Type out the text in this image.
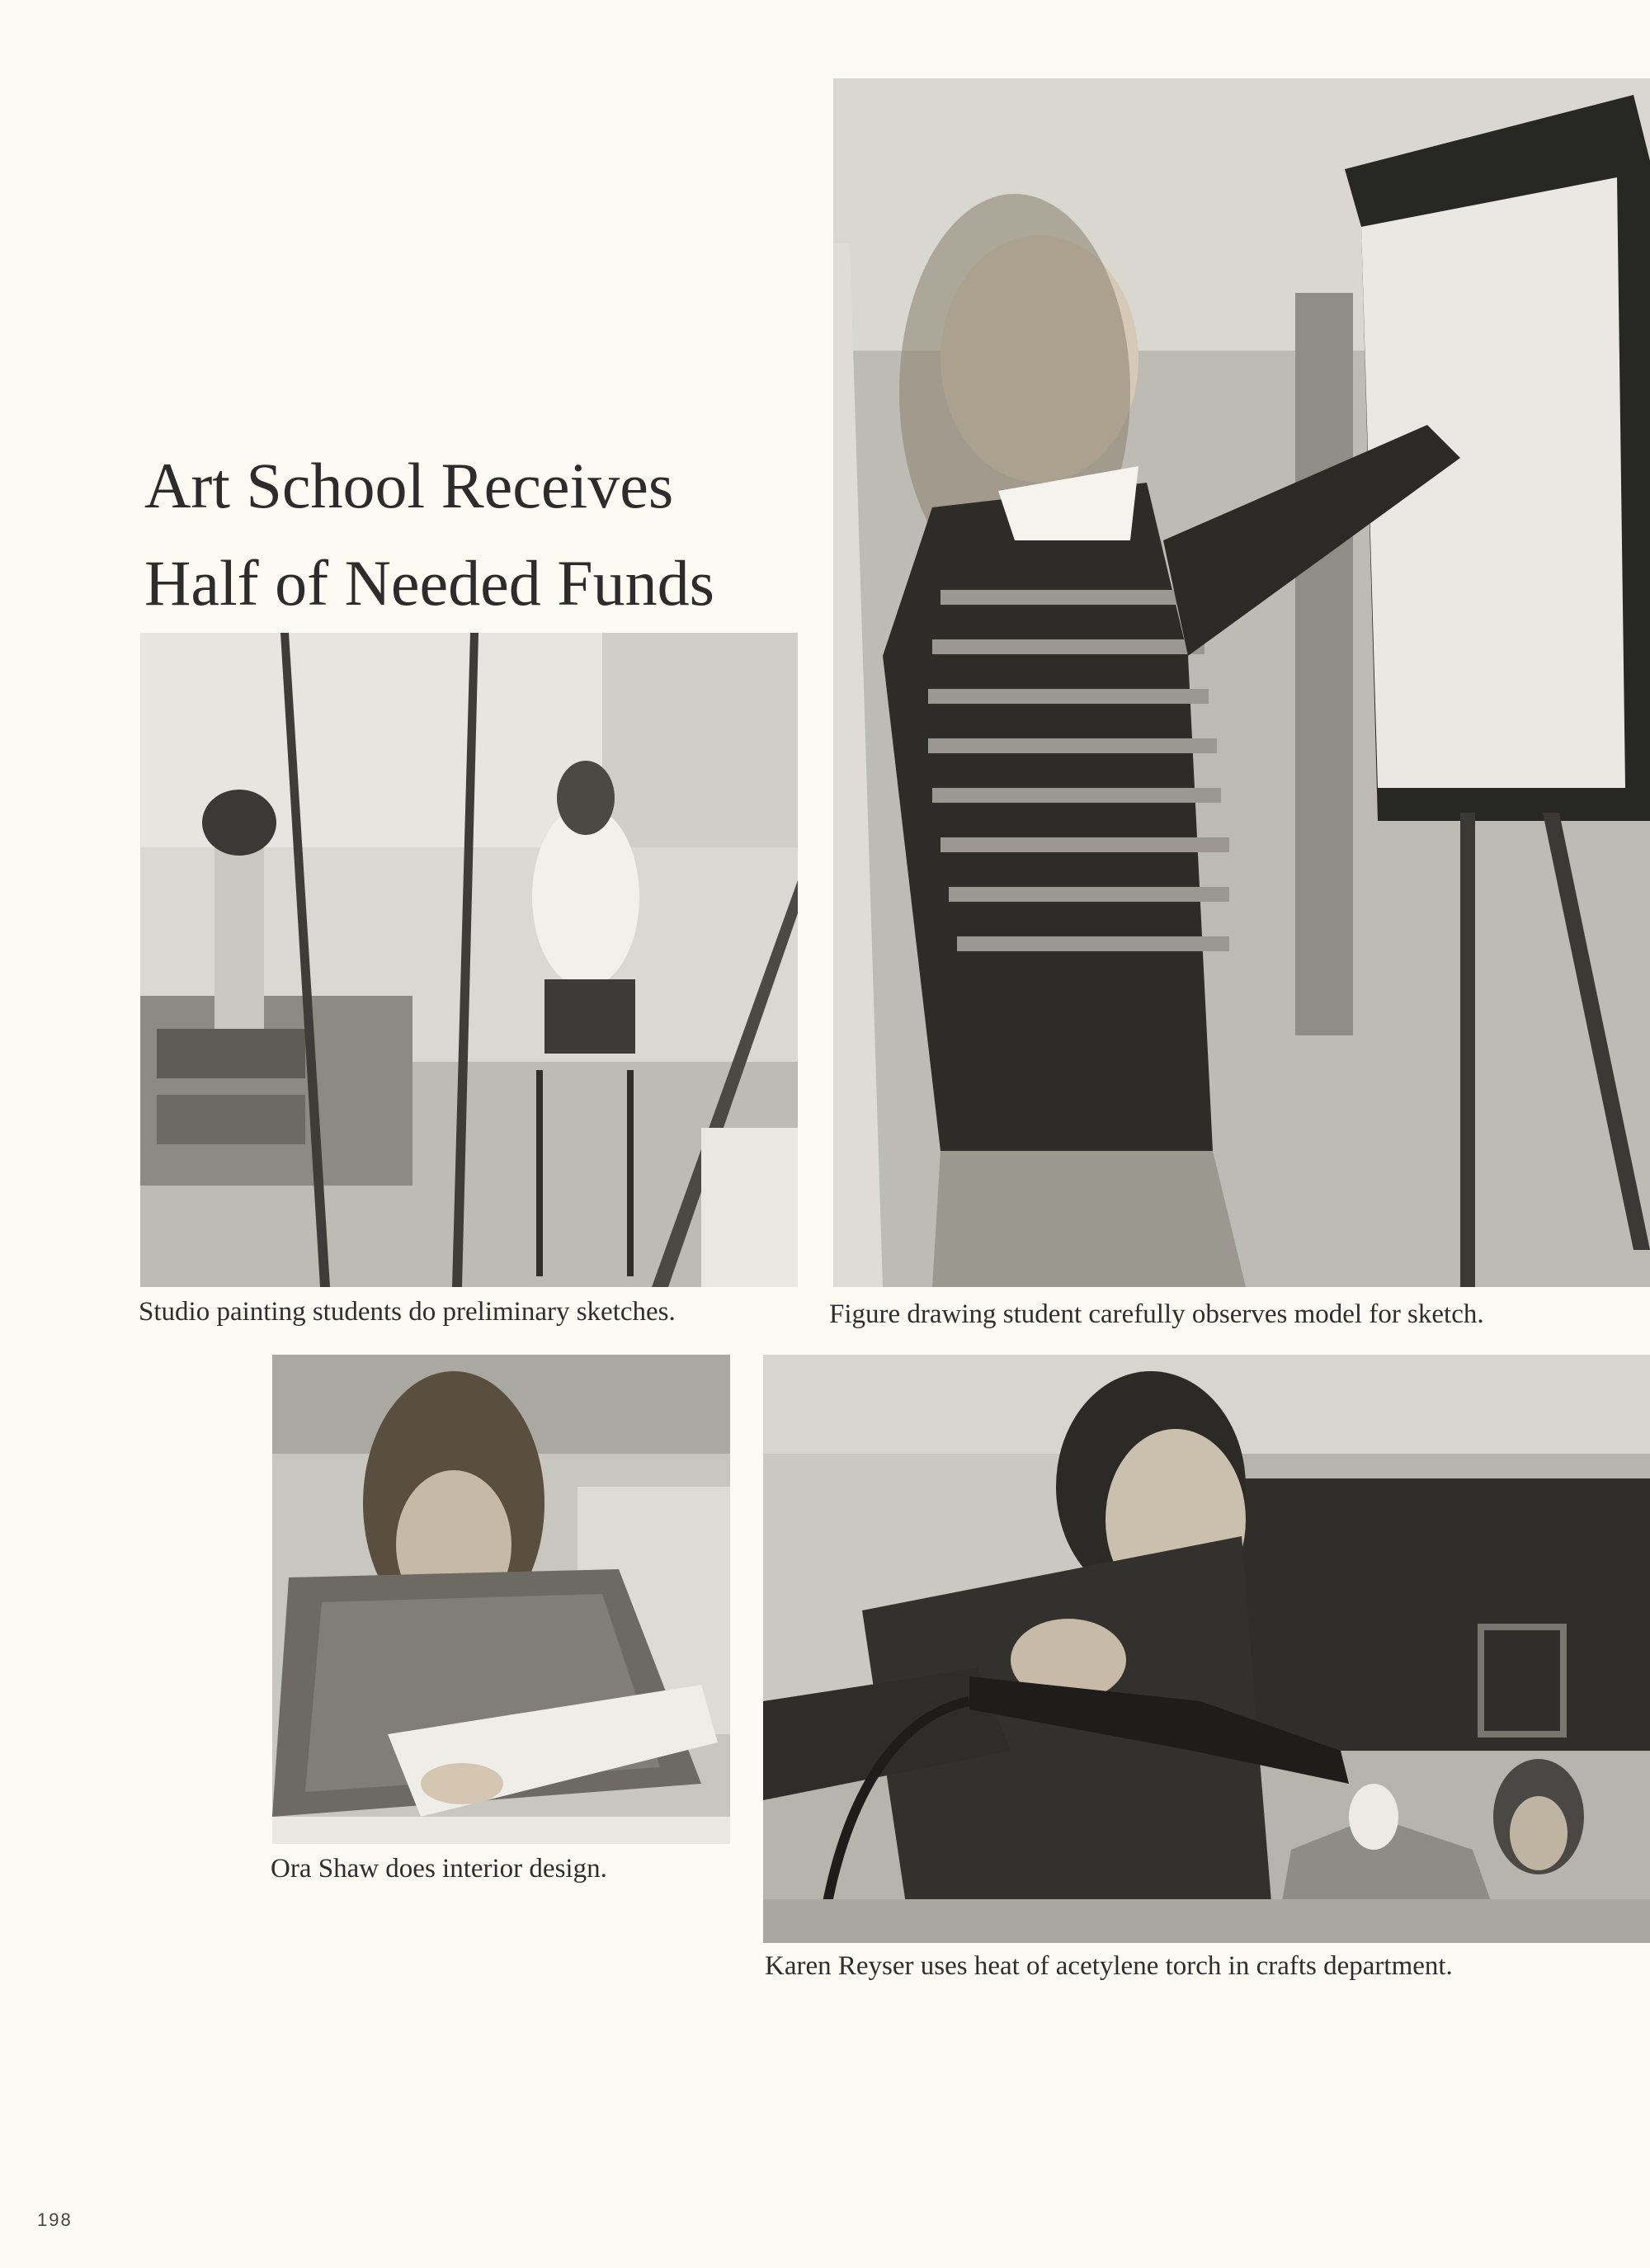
Art School Receives
Half of Needed Funds

Studio painting students do preliminary sketches.	Figure drawing student carefully observes model for sketch.

Ora Shaw does interior design.

Karen Reyser uses heat of acetylene torch in crafts department.

198
